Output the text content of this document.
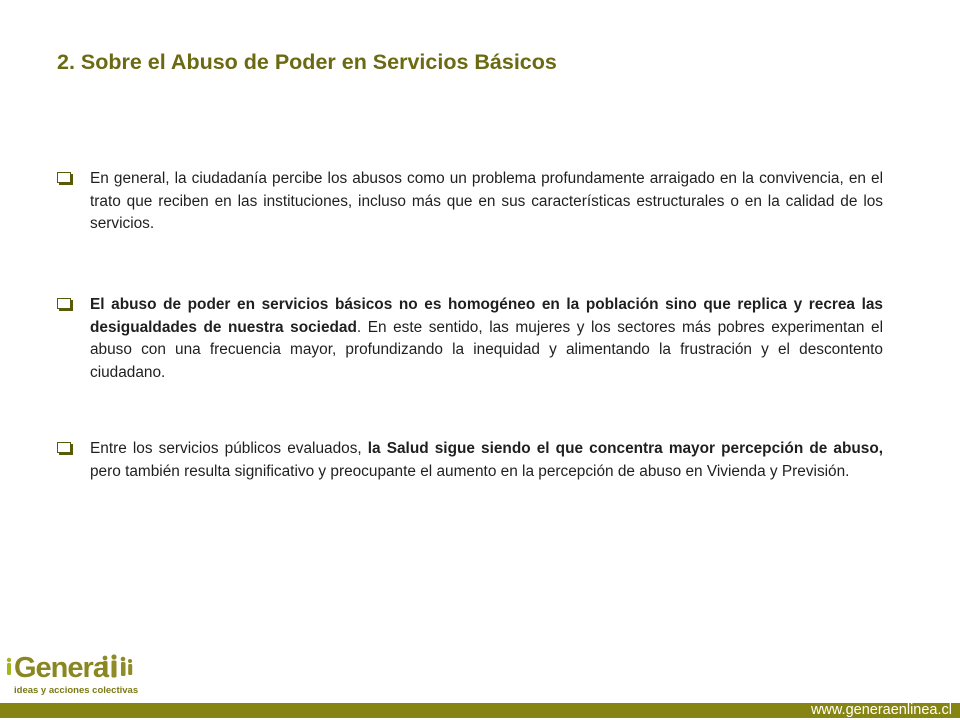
2. Sobre el Abuso de Poder en Servicios Básicos
En general, la ciudadanía percibe los abusos como un problema profundamente arraigado en la convivencia, en el trato que reciben en las instituciones, incluso más que en sus características estructurales o en la calidad de los servicios.
El abuso de poder en servicios básicos no es homogéneo en la población sino que replica y recrea las desigualdades de nuestra sociedad. En este sentido, las mujeres y los sectores más pobres experimentan el abuso con una frecuencia mayor, profundizando la inequidad y alimentando la frustración y el descontento ciudadano.
Entre los servicios públicos evaluados, la Salud sigue siendo el que concentra mayor percepción de abuso, pero también resulta significativo y preocupante el aumento en la percepción de abuso en Vivienda y Previsión.
Genera
ideas y acciones colectivas
www.generaenlinea.cl
